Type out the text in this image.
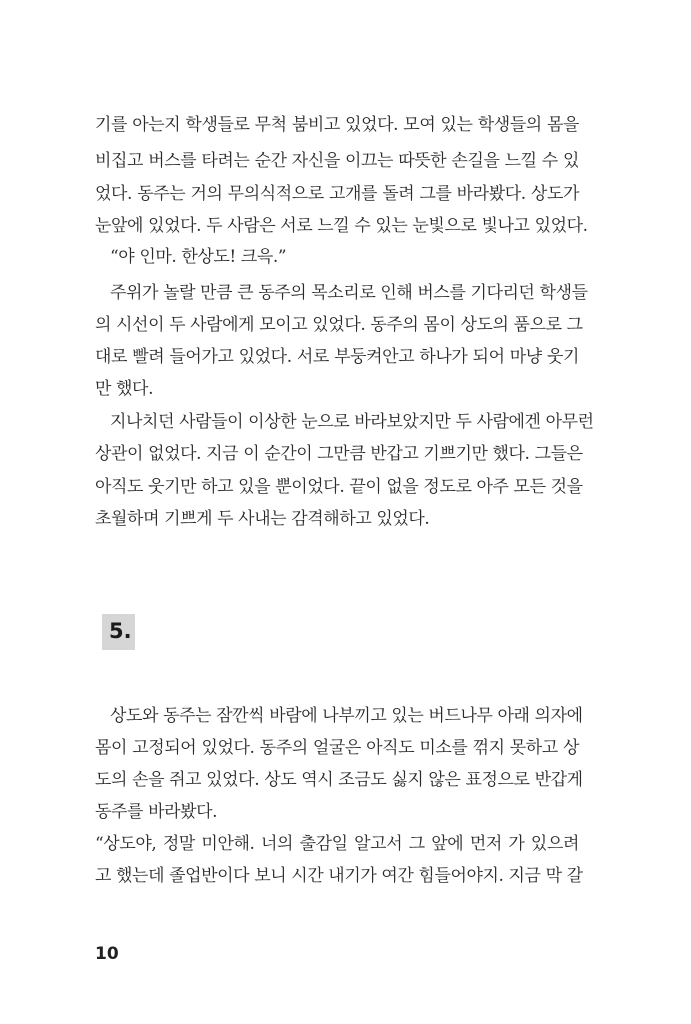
기를 아는지 학생들로 무척 붐비고 있었다. 모여 있는 학생들의 몸을
비집고 버스를 타려는 순간 자신을 이끄는 따뜻한 손길을 느낄 수 있
었다. 동주는 거의 무의식적으로 고개를 돌려 그를 바라봤다. 상도가
눈앞에 있었다. 두 사람은 서로 느낄 수 있는 눈빛으로 빛나고 있었다.
“야 인마. 한상도! 크윽.”
주위가 놀랄 만큼 큰 동주의 목소리로 인해 버스를 기다리던 학생들
의 시선이 두 사람에게 모이고 있었다. 동주의 몸이 상도의 품으로 그
대로 빨려 들어가고 있었다. 서로 부둥켜안고 하나가 되어 마냥 웃기
만 했다.
지나치던 사람들이 이상한 눈으로 바라보았지만 두 사람에겐 아무런
상관이 없었다. 지금 이 순간이 그만큼 반갑고 기쁘기만 했다. 그들은
아직도 웃기만 하고 있을 뿐이었다. 끝이 없을 정도로 아주 모든 것을
초월하며 기쁘게 두 사내는 감격해하고 있었다.
5.
상도와 동주는 잠깐씩 바람에 나부끼고 있는 버드나무 아래 의자에
몸이 고정되어 있었다. 동주의 얼굴은 아직도 미소를 꺾지 못하고 상
도의 손을 쥐고 있었다. 상도 역시 조금도 싫지 않은 표정으로 반갑게
동주를 바라봤다.
“상도야, 정말 미안해. 너의 출감일 알고서 그 앞에 먼저 가 있으려
고 했는데 졸업반이다 보니 시간 내기가 여간 힘들어야지. 지금 막 갈
10
